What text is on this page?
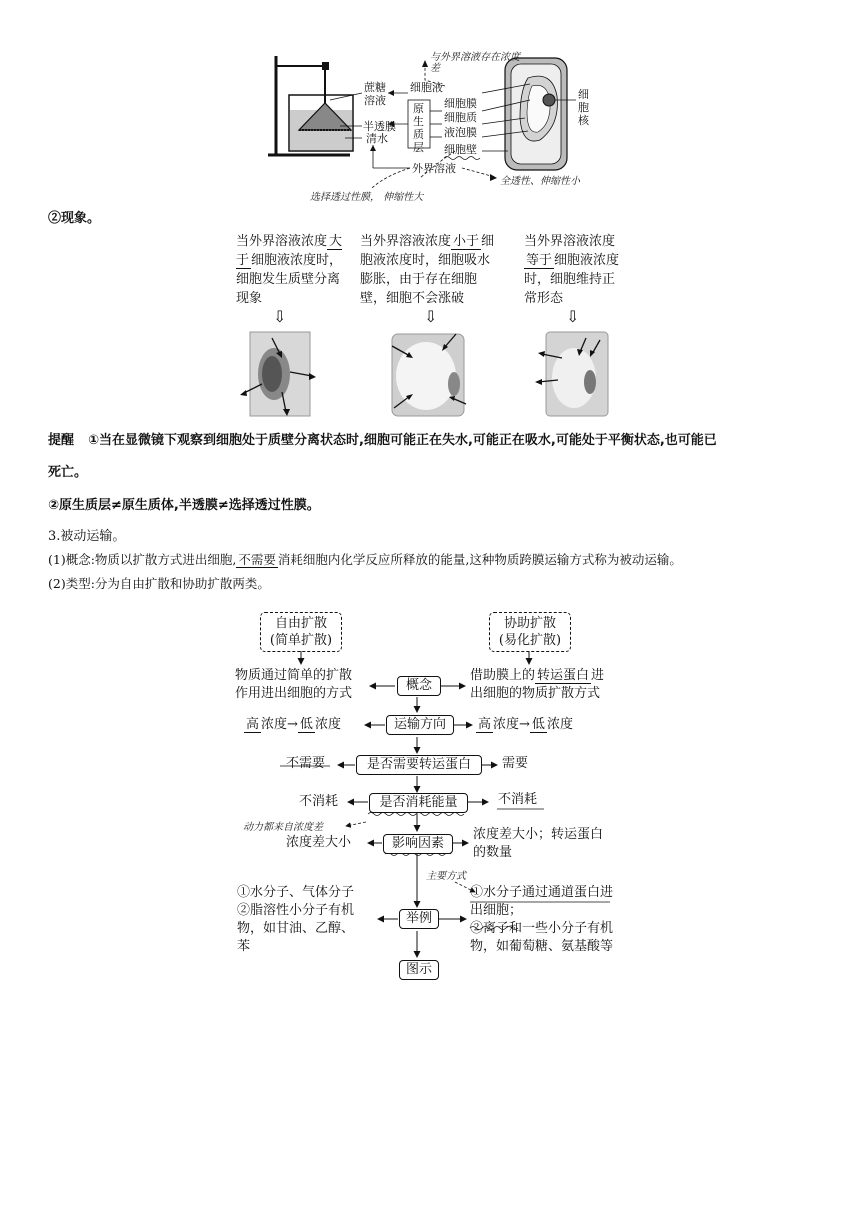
与外界溶液存在浓度差
蔗糖溶液
半透膜
清水
细胞液
原生质层
细胞膜
细胞质
液泡膜
细胞壁
细胞核
外界溶液
全透性、伸缩性小
选择透过性膜， 伸缩性大
②现象。
当外界溶液浓度 大于 细胞液浓度时，细胞发生质壁分离现象
当外界溶液浓度 小于 细胞液浓度时，细胞吸水膨胀，由于存在细胞壁，细胞不会涨破
当外界溶液浓度等于 细胞液浓度时，细胞维持正常形态
⇩	⇩	⇩
提醒 ①当在显微镜下观察到细胞处于质壁分离状态时,细胞可能正在失水,可能正在吸水,可能处于平衡状态,也可能已
死亡。
②原生质层≠原生质体,半透膜≠选择透过性膜。
3.被动运输。
(1)概念:物质以扩散方式进出细胞, 不需要 消耗细胞内化学反应所释放的能量,这种物质跨膜运输方式称为被动运输。
(2)类型:分为自由扩散和协助扩散两类。
自由扩散
(简单扩散)
协助扩散
(易化扩散)
概念
运输方向
是否需要转运蛋白
是否消耗能量
影响因素
举例
图示
物质通过简单的扩散
作用进出细胞的方式
借助膜上的 转运蛋白 进
出细胞的物质扩散方式
高 浓度→ 低 浓度	高 浓度→ 低 浓度
不需要	需要
不消耗	不消耗
动力都来自浓度差
浓度差大小
浓度差大小；转运蛋白
的数量
主要方式
①水分子、气体分子
②脂溶性小分子有机
物，如甘油、乙醇、
苯
①水分子通过通道蛋白进
出细胞；
②离子和一些小分子有机
物，如葡萄糖、氨基酸等
